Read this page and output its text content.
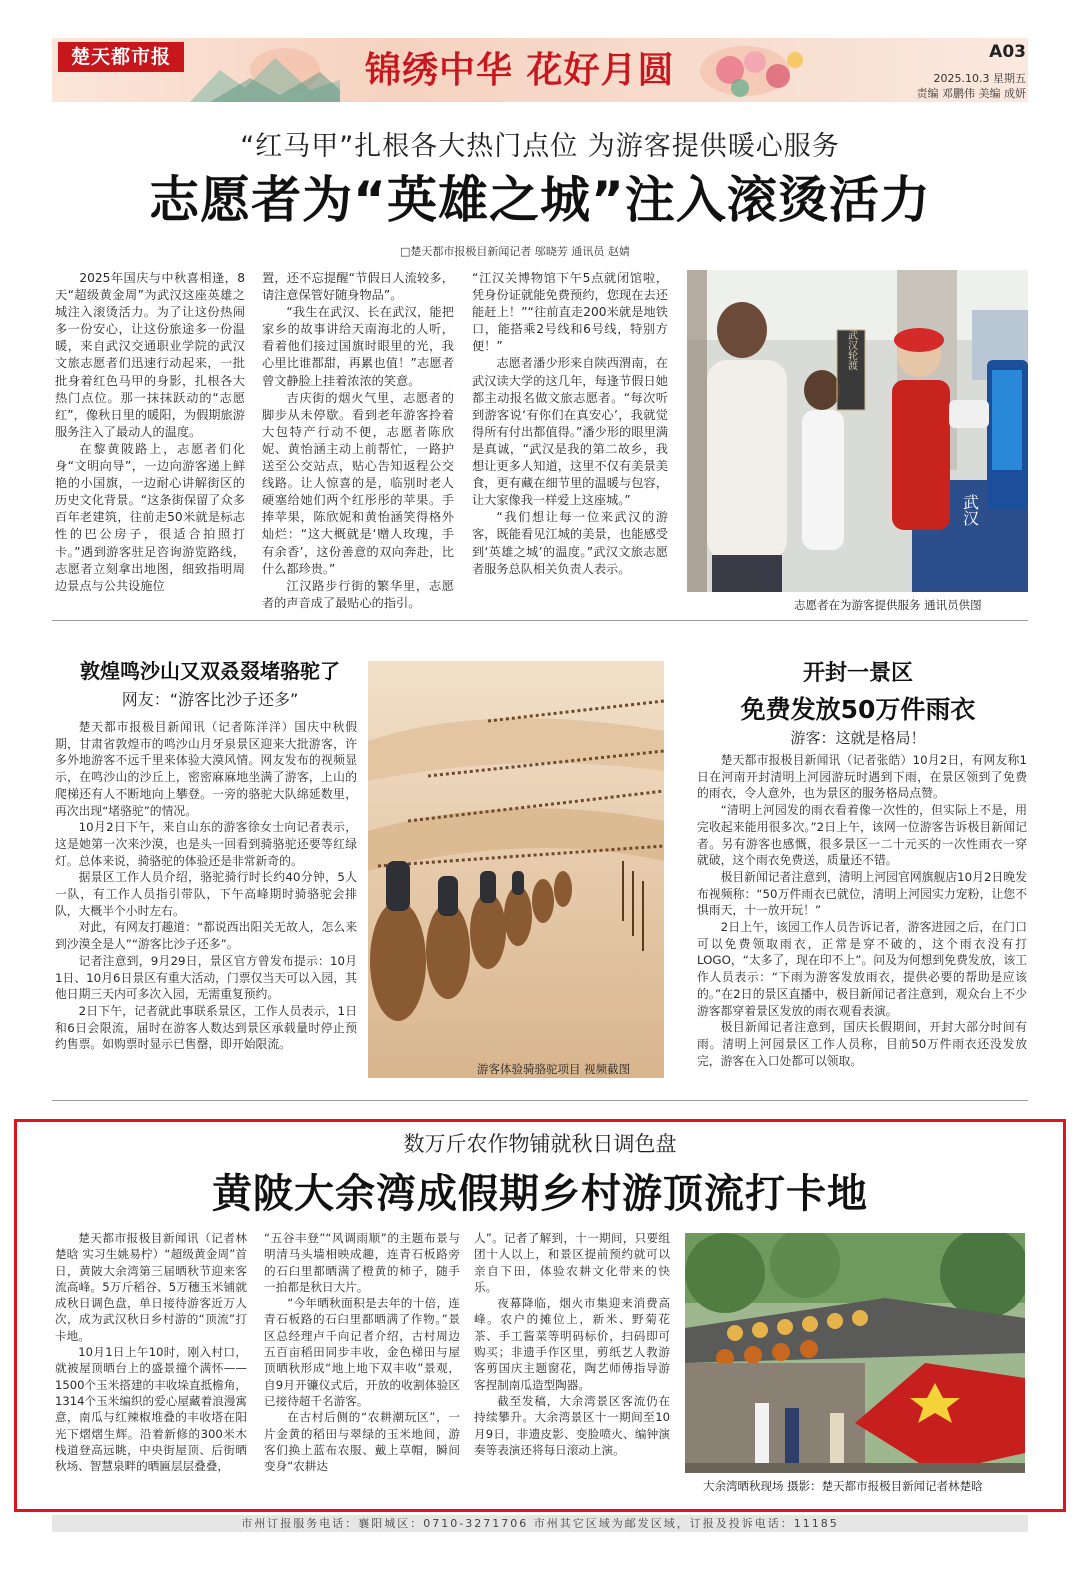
楚天都市报	锦绣中华 花好月圆	A03
2025.10.3 星期五
责编 邓鹏伟 美编 成妍
“红马甲”扎根各大热门点位 为游客提供暖心服务
志愿者为“英雄之城”注入滚烫活力
□楚天都市报极目新闻记者 邬晓芳 通讯员 赵婧

2025年国庆与中秋喜相逢，8天“超级黄金周”为武汉这座英雄之城注入滚烫活力。为了让这份热闹多一份安心，让这份旅途多一份温暖，来自武汉交通职业学院的武汉文旅志愿者们迅速行动起来，一批批身着红色马甲的身影，扎根各大热门点位。那一抹抹跃动的“志愿红”，像秋日里的暖阳，为假期旅游服务注入了最动人的温度。

在黎黄陂路上，志愿者们化身“文明向导”，一边向游客递上鲜艳的小国旗，一边耐心讲解街区的历史文化背景。“这条街保留了众多百年老建筑，往前走50米就是标志性的巴公房子，很适合拍照打卡。”遇到游客驻足咨询游览路线，志愿者立刻拿出地图，细致指明周边景点与公共设施位

置，还不忘提醒“节假日人流较多，请注意保管好随身物品”。

“我生在武汉、长在武汉，能把家乡的故事讲给天南海北的人听，看着他们接过国旗时眼里的光，我心里比谁都甜，再累也值！”志愿者曾文静脸上挂着浓浓的笑意。

吉庆街的烟火气里，志愿者的脚步从未停歇。看到老年游客拎着大包特产行动不便，志愿者陈欣妮、黄怡涵主动上前帮忙，一路护送至公交站点，贴心告知返程公交线路。让人惊喜的是，临别时老人硬塞给她们两个红彤彤的苹果。手捧苹果，陈欣妮和黄怡涵笑得格外灿烂：“这大概就是‘赠人玫瑰，手有余香’，这份善意的双向奔赴，比什么都珍贵。”

江汉路步行街的繁华里，志愿者的声音成了最贴心的指引。

“江汉关博物馆下午5点就闭馆啦，凭身份证就能免费预约，您现在去还能赶上！”“往前直走200米就是地铁口，能搭乘2号线和6号线，特别方便！”

志愿者潘少形来自陕西渭南，在武汉读大学的这几年，每逢节假日她都主动报名做文旅志愿者。“每次听到游客说‘有你们在真安心’，我就觉得所有付出都值得。”潘少形的眼里满是真诚，“武汉是我的第二故乡，我想让更多人知道，这里不仅有美景美食，更有藏在细节里的温暖与包容，让大家像我一样爱上这座城。”

“我们想让每一位来武汉的游客，既能看见江城的美景，也能感受到‘英雄之城’的温度。”武汉文旅志愿者服务总队相关负责人表示。

武汉轮渡
武汉
志愿者在为游客提供服务 通讯员供图
敦煌鸣沙山又双叒叕堵骆驼了
网友：“游客比沙子还多”

楚天都市报极目新闻讯（记者陈洋洋）国庆中秋假期，甘肃省敦煌市的鸣沙山月牙泉景区迎来大批游客，许多外地游客不远千里来体验大漠风情。网友发布的视频显示，在鸣沙山的沙丘上，密密麻麻地坐满了游客，上山的爬梯还有人不断地向上攀登。一旁的骆驼大队绵延数里，再次出现“堵骆驼”的情况。

10月2日下午，来自山东的游客徐女士向记者表示，这是她第一次来沙漠，也是头一回看到骑骆驼还要等红绿灯。总体来说，骑骆驼的体验还是非常新奇的。

据景区工作人员介绍，骆驼骑行时长约40分钟，5人一队，有工作人员指引带队，下午高峰期时骑骆驼会排队，大概半个小时左右。

对此，有网友打趣道：“都说西出阳关无故人，怎么来到沙漠全是人”“游客比沙子还多”。

记者注意到，9月29日，景区官方曾发布提示：10月1日、10月6日景区有重大活动，门票仅当天可以入园，其他日期三天内可多次入园，无需重复预约。

2日下午，记者就此事联系景区，工作人员表示，1日和6日会限流，届时在游客人数达到景区承载量时停止预约售票。如购票时显示已售罄，即开始限流。

游客体验骑骆驼项目 视频截图
开封一景区
免费发放50万件雨衣
游客：这就是格局！

楚天都市报极目新闻讯（记者张皓）10月2日，有网友称1日在河南开封清明上河园游玩时遇到下雨，在景区领到了免费的雨衣，令人意外，也为景区的服务格局点赞。

“清明上河园发的雨衣看着像一次性的，但实际上不是，用完收起来能用很多次。”2日上午，该网一位游客告诉极目新闻记者。另有游客也感慨，很多景区一二十元买的一次性雨衣一穿就破，这个雨衣免费送，质量还不错。

极目新闻记者注意到，清明上河园官网旗舰店10月2日晚发布视频称：“50万件雨衣已就位，清明上河园实力宠粉，让您不惧雨天，十一放开玩！”

2日上午，该园工作人员告诉记者，游客进园之后，在门口可以免费领取雨衣，正常是穿不破的，这个雨衣没有打LOGO，“太多了，现在印不上”。问及为何想到免费发放，该工作人员表示：“下雨为游客发放雨衣，提供必要的帮助是应该的。”在2日的景区直播中，极目新闻记者注意到，观众台上不少游客都穿着景区发放的雨衣观看表演。

极目新闻记者注意到，国庆长假期间，开封大部分时间有雨。清明上河园景区工作人员称，目前50万件雨衣还没发放完，游客在入口处都可以领取。

数万斤农作物铺就秋日调色盘
黄陂大余湾成假期乡村游顶流打卡地

楚天都市报极目新闻讯（记者林楚晗 实习生姚易柠）“超级黄金周”首日，黄陂大余湾第三届晒秋节迎来客流高峰。5万斤稻谷、5万穗玉米铺就成秋日调色盘，单日接待游客近万人次，成为武汉秋日乡村游的“顶流”打卡地。

10月1日上午10时，刚入村口，就被屋顶晒台上的盛景撞个满怀——1500个玉米搭建的丰收垛直抵檐角，1314个玉米编织的爱心屋藏着浪漫寓意，南瓜与红辣椒堆叠的丰收塔在阳光下熠熠生辉。沿着新修的300米木栈道登高远眺，中央街屋顶、后街晒秋场、智慧泉畔的晒匾层层叠叠，

“五谷丰登”“风调雨顺”的主题布景与明清马头墙相映成趣，连青石板路旁的石臼里都晒满了橙黄的柿子，随手一拍都是秋日大片。

“今年晒秋面积是去年的十倍，连青石板路的石臼里都晒满了作物。”景区总经理卢千向记者介绍，古村周边五百亩稻田同步丰收，金色梯田与屋顶晒秋形成“地上地下双丰收”景观，自9月开镰仪式后，开放的收割体验区已接待超千名游客。

在古村后侧的“农耕潮玩区”，一片金黄的稻田与翠绿的玉米地间，游客们换上蓝布农服、戴上草帽，瞬间变身“农耕达

人”。记者了解到，十一期间，只要组团十人以上，和景区提前预约就可以亲自下田，体验农耕文化带来的快乐。

夜幕降临，烟火市集迎来消费高峰。农户的摊位上，新米、野菊花茶、手工酱菜等明码标价，扫码即可购买；非遗手作区里，剪纸艺人教游客剪国庆主题窗花，陶艺师傅指导游客捏制南瓜造型陶器。

截至发稿，大余湾景区客流仍在持续攀升。大余湾景区十一期间至10月9日，非遗皮影、变脸喷火、编钟演奏等表演还将每日滚动上演。

大余湾晒秋现场 摄影：楚天都市报极目新闻记者林楚晗
市州订报服务电话：襄阳城区：0710-3271706 市州其它区域为邮发区域，订报及投诉电话：11185
